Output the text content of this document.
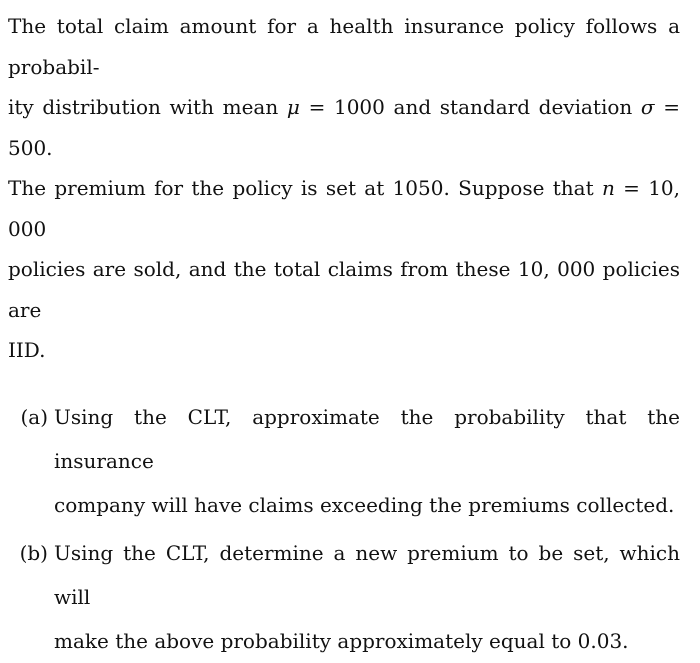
The total claim amount for a health insurance policy follows a probabil-
ity distribution with mean μ = 1000 and standard deviation σ = 500.
The premium for the policy is set at 1050. Suppose that n = 10, 000
policies are sold, and the total claims from these 10, 000 policies are
IID.

(a) Using the CLT, approximate the probability that the insurance
company will have claims exceeding the premiums collected.
(b) Using the CLT, determine a new premium to be set, which will
make the above probability approximately equal to 0.03.
